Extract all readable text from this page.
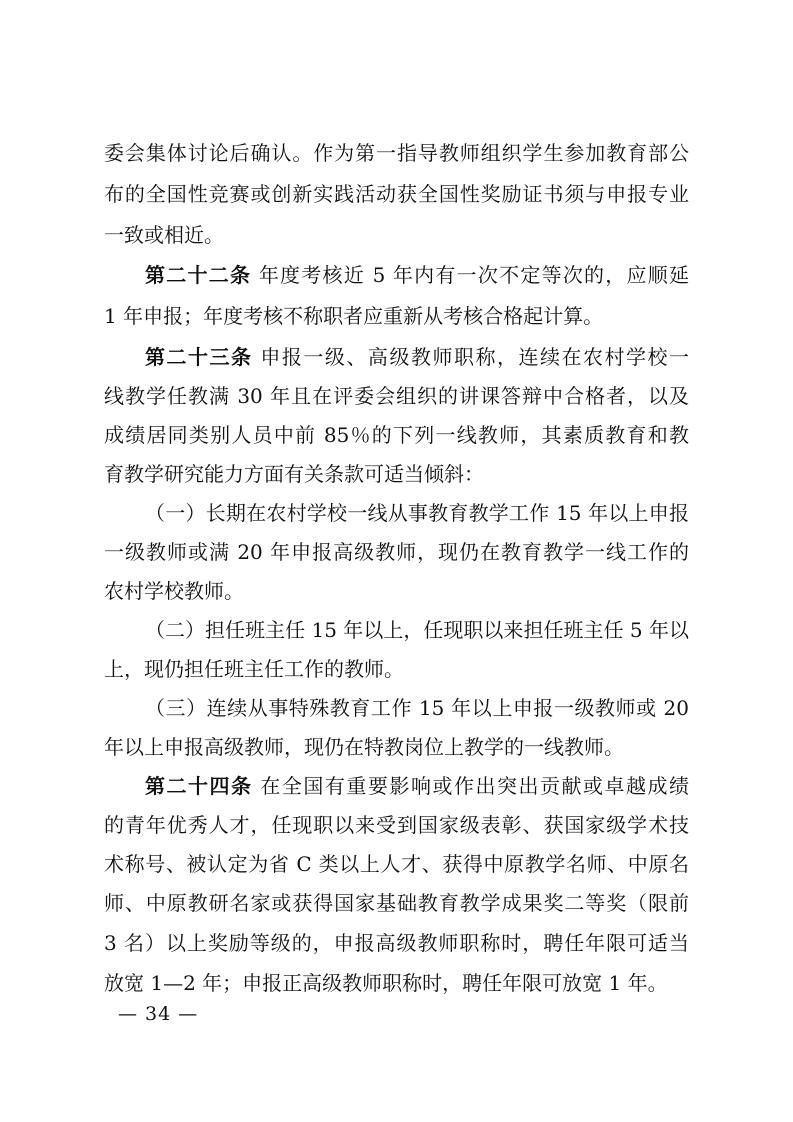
委会集体讨论后确认。作为第一指导教师组织学生参加教育部公
布的全国性竞赛或创新实践活动获全国性奖励证书须与申报专业
一致或相近。
第二十二条 年度考核近 5 年内有一次不定等次的，应顺延
1 年申报；年度考核不称职者应重新从考核合格起计算。
第二十三条 申报一级、高级教师职称，连续在农村学校一
线教学任教满 30 年且在评委会组织的讲课答辩中合格者，以及
成绩居同类别人员中前 85％的下列一线教师，其素质教育和教
育教学研究能力方面有关条款可适当倾斜：
（一）长期在农村学校一线从事教育教学工作 15 年以上申报
一级教师或满 20 年申报高级教师，现仍在教育教学一线工作的
农村学校教师。
（二）担任班主任 15 年以上，任现职以来担任班主任 5 年以
上，现仍担任班主任工作的教师。
（三）连续从事特殊教育工作 15 年以上申报一级教师或 20
年以上申报高级教师，现仍在特教岗位上教学的一线教师。
第二十四条 在全国有重要影响或作出突出贡献或卓越成绩
的青年优秀人才，任现职以来受到国家级表彰、获国家级学术技
术称号、被认定为省 C 类以上人才、获得中原教学名师、中原名
师、中原教研名家或获得国家基础教育教学成果奖二等奖（限前
3 名）以上奖励等级的，申报高级教师职称时，聘任年限可适当
放宽 1—2 年；申报正高级教师职称时，聘任年限可放宽 1 年。
— 34 —
